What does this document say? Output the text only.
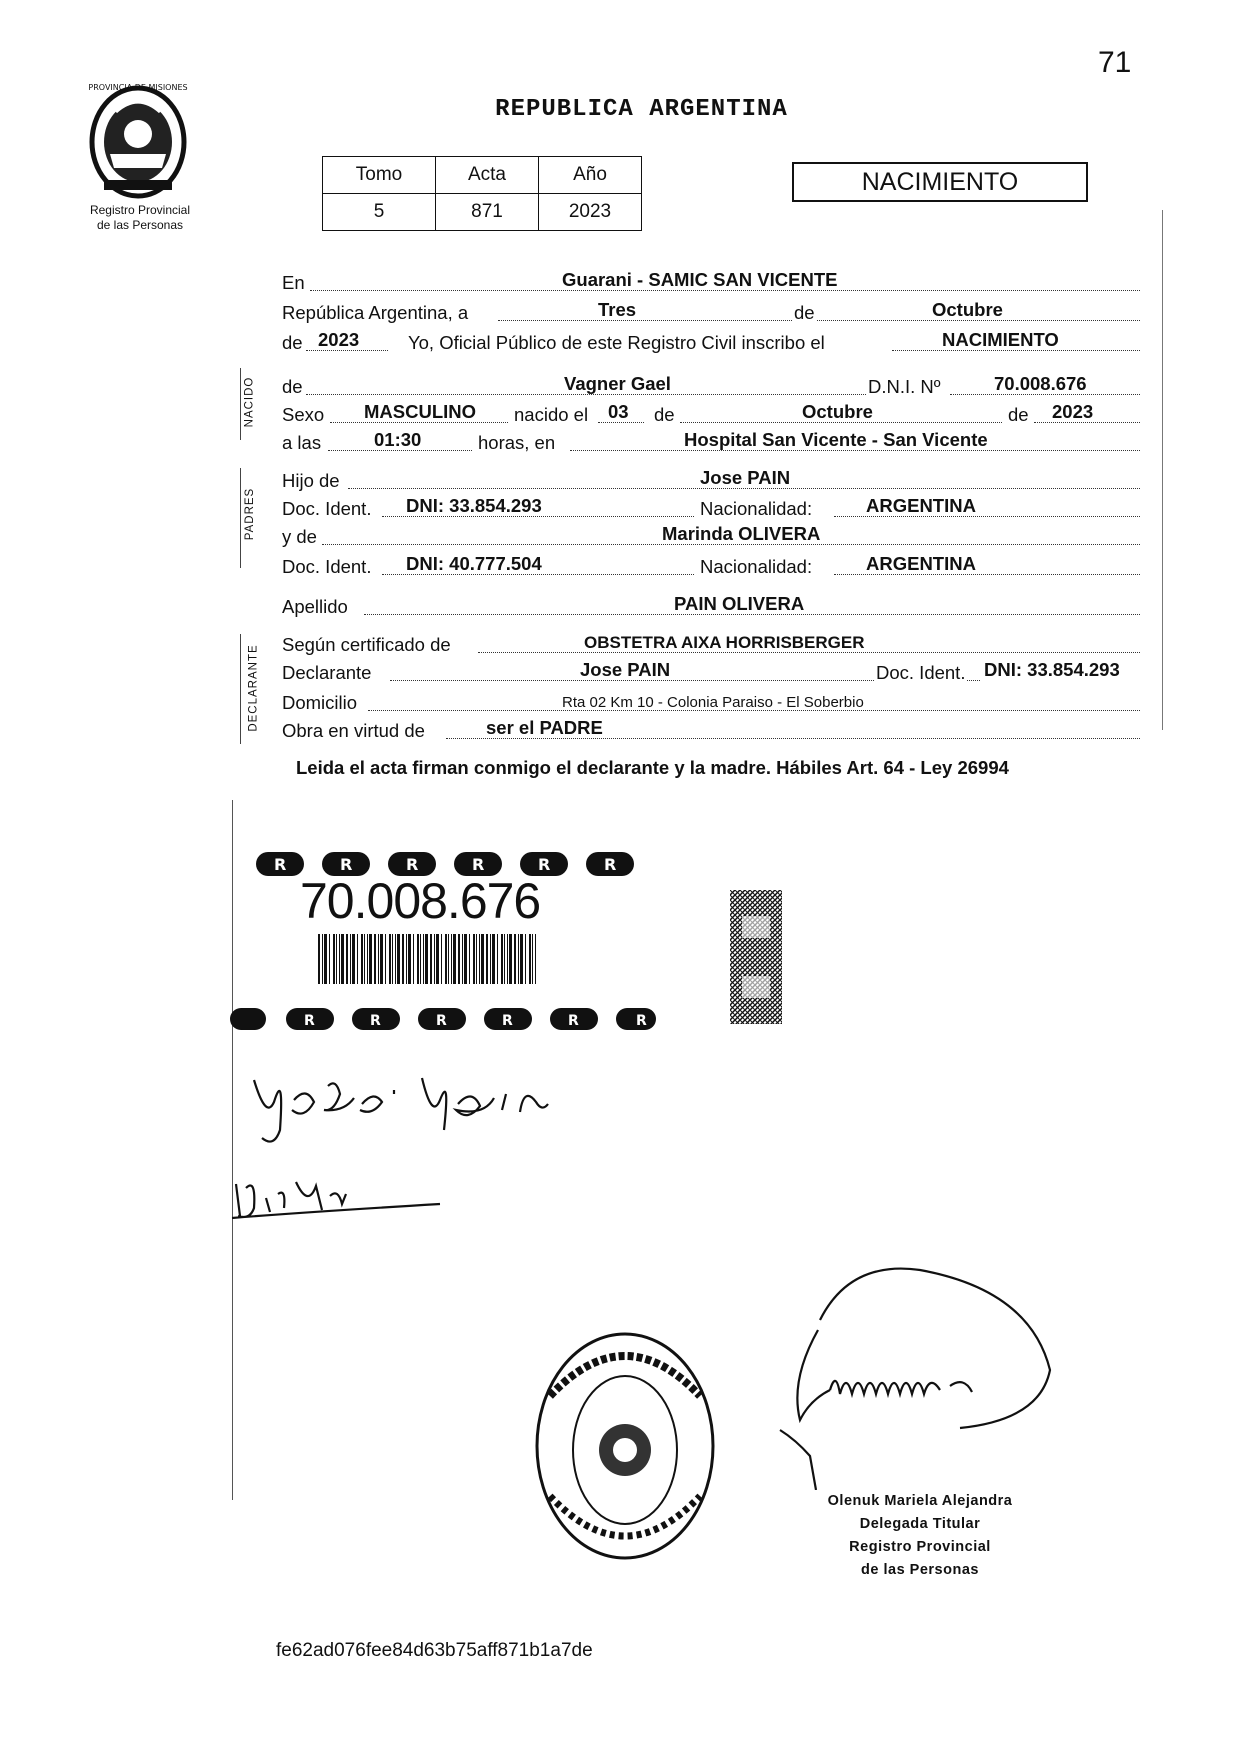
71
PROVINCIA DE MISIONES
Registro Provincial
de las Personas
REPUBLICA ARGENTINA
Tomo	Acta	Año
5	871	2023
NACIMIENTO
NACIDO
PADRES
DECLARANTE
En	Guarani - SAMIC SAN VICENTE
República Argentina, a	Tres	de	Octubre
de 2023	Yo, Oficial Público de este Registro Civil inscribo el	NACIMIENTO
de	Vagner Gael	D.N.I. Nº	70.008.676
Sexo MASCULINO nacido el 03 de	Octubre	de 2023
a las	01:30	horas, en	Hospital San Vicente - San Vicente
Hijo de	Jose PAIN
Doc. Ident. DNI: 33.854.293	Nacionalidad:	ARGENTINA
y de	Marinda OLIVERA
Doc. Ident. DNI: 40.777.504	Nacionalidad:	ARGENTINA
Apellido	PAIN OLIVERA
Según certificado de	OBSTETRA AIXA HORRISBERGER
Declarante	Jose PAIN	Doc. Ident. DNI: 33.854.293
Domicilio	Rta 02 Km 10 - Colonia Paraiso - El Soberbio
Obra en virtud de	ser el PADRE
Leida el acta firman conmigo el declarante y la madre. Hábiles Art. 64 - Ley 26994
R	R	R	R	R	R
70.008.676
R	R	R	R	R	R
Olenuk Mariela Alejandra
Delegada Titular
Registro Provincial
de las Personas
fe62ad076fee84d63b75aff871b1a7de
